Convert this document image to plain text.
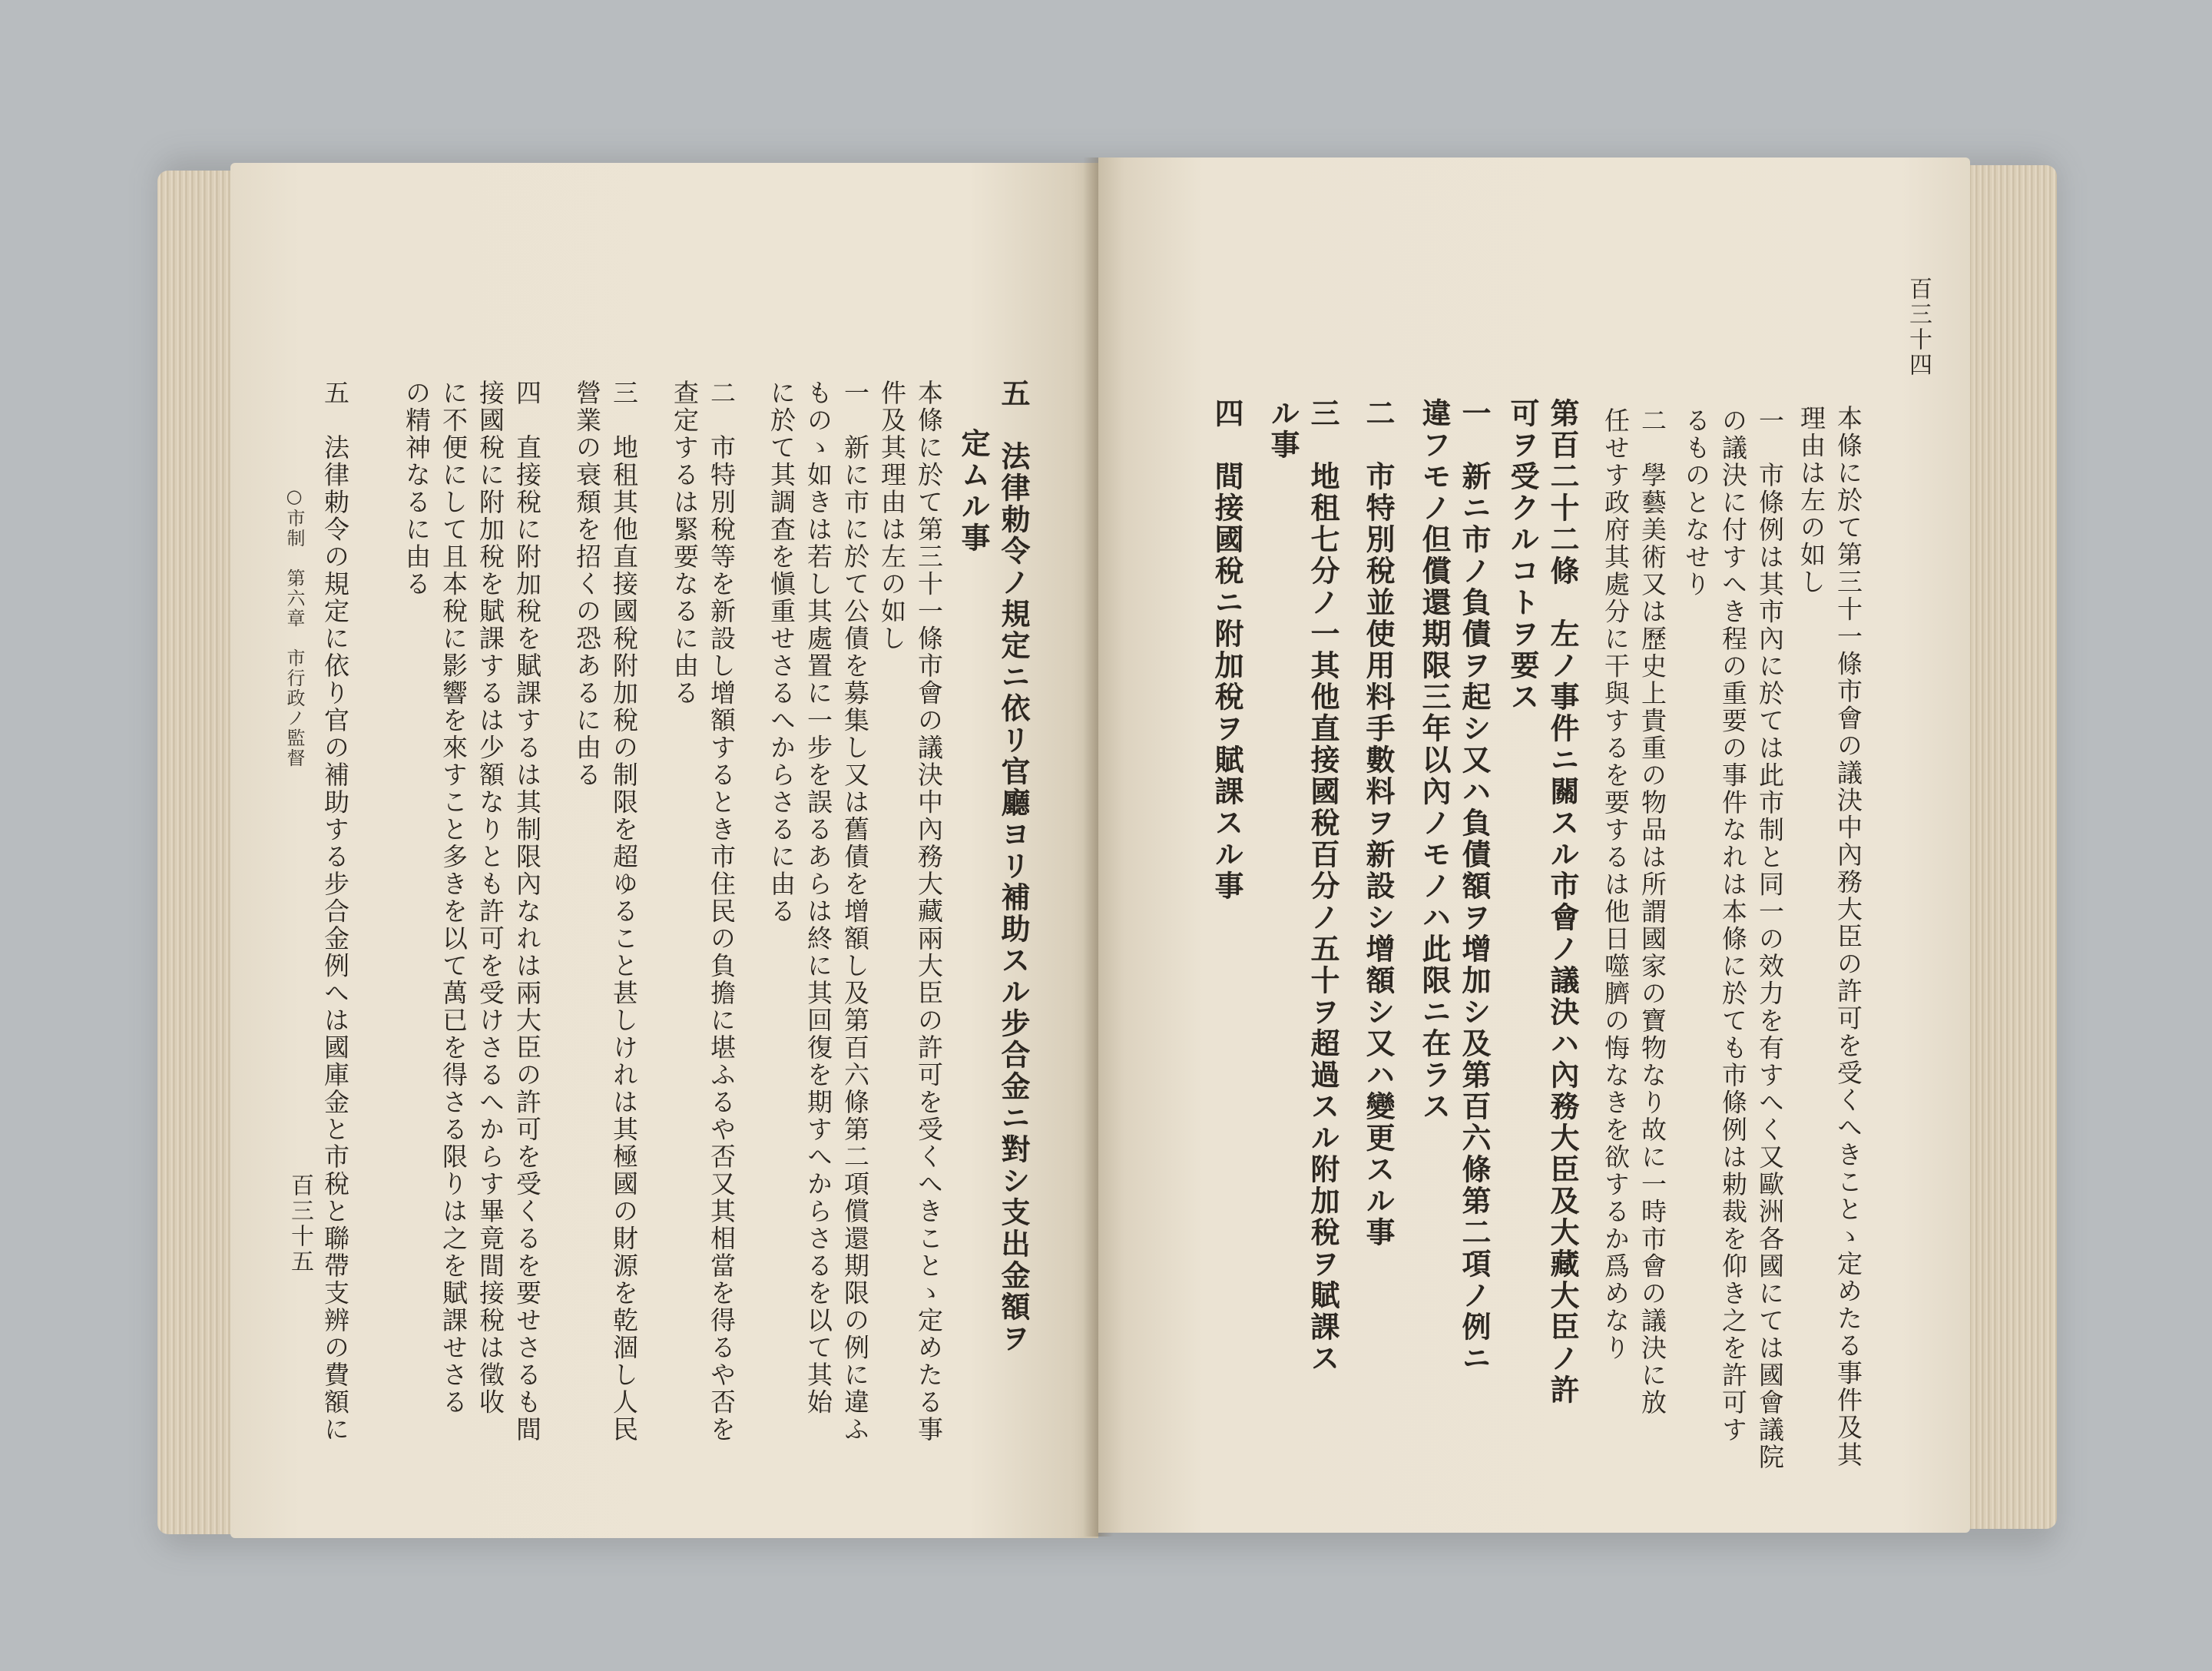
五　法律勅令ノ規定ニ依リ官廳ヨリ補助スル步合金ニ對シ支出金額ヲ
定ムル事
本條に於て第三十一條市會の議決中內務大藏兩大臣の許可を受くへきことゝ定めたる事
件及其理由は左の如し
一　新に市に於て公債を募集し又は舊債を增額し及第百六條第二項償還期限の例に違ふ
ものゝ如きは若し其處置に一步を誤るあらは終に其回復を期すへからさるを以て其始
に於て其調査を愼重せさるへからさるに由る
二　市特別稅等を新設し增額するとき市住民の負擔に堪ふるや否又其相當を得るや否を
查定するは緊要なるに由る
三　地租其他直接國稅附加稅の制限を超ゆること甚しけれは其極國の財源を乾涸し人民
營業の衰頹を招くの恐あるに由る
四　直接稅に附加稅を賦課するは其制限內なれは兩大臣の許可を受くるを要せさるも間
接國稅に附加稅を賦課するは少額なりとも許可を受けさるへからす畢竟間接稅は徵收
に不便にして且本稅に影響を來すこと多きを以て萬已を得さる限りは之を賦課せさる
の精神なるに由る
五　法律勅令の規定に依り官の補助する步合金例へは國庫金と市稅と聯帶支辨の費額に
○市制　第六章　市行政ノ監督
百三十五
百三十四
本條に於て第三十一條市會の議決中內務大臣の許可を受くへきことゝ定めたる事件及其
理由は左の如し
一　市條例は其市內に於ては此市制と同一の效力を有すへく又歐洲各國にては國會議院
の議決に付すへき程の重要の事件なれは本條に於ても市條例は勅裁を仰き之を許可す
るものとなせり
二　學藝美術又は歷史上貴重の物品は所謂國家の寶物なり故に一時市會の議決に放
任せす政府其處分に干與するを要するは他日噬臍の悔なきを欲するか爲めなり
第百二十二條　左ノ事件ニ關スル市會ノ議決ハ內務大臣及大藏大臣ノ許
可ヲ受クルコトヲ要ス
一　新ニ市ノ負債ヲ起シ又ハ負債額ヲ增加シ及第百六條第二項ノ例ニ
違フモノ但償還期限三年以內ノモノハ此限ニ在ラス
二　市特別稅並使用料手數料ヲ新設シ增額シ又ハ變更スル事
三　地租七分ノ一其他直接國稅百分ノ五十ヲ超過スル附加稅ヲ賦課ス
ル事
四　間接國稅ニ附加稅ヲ賦課スル事
